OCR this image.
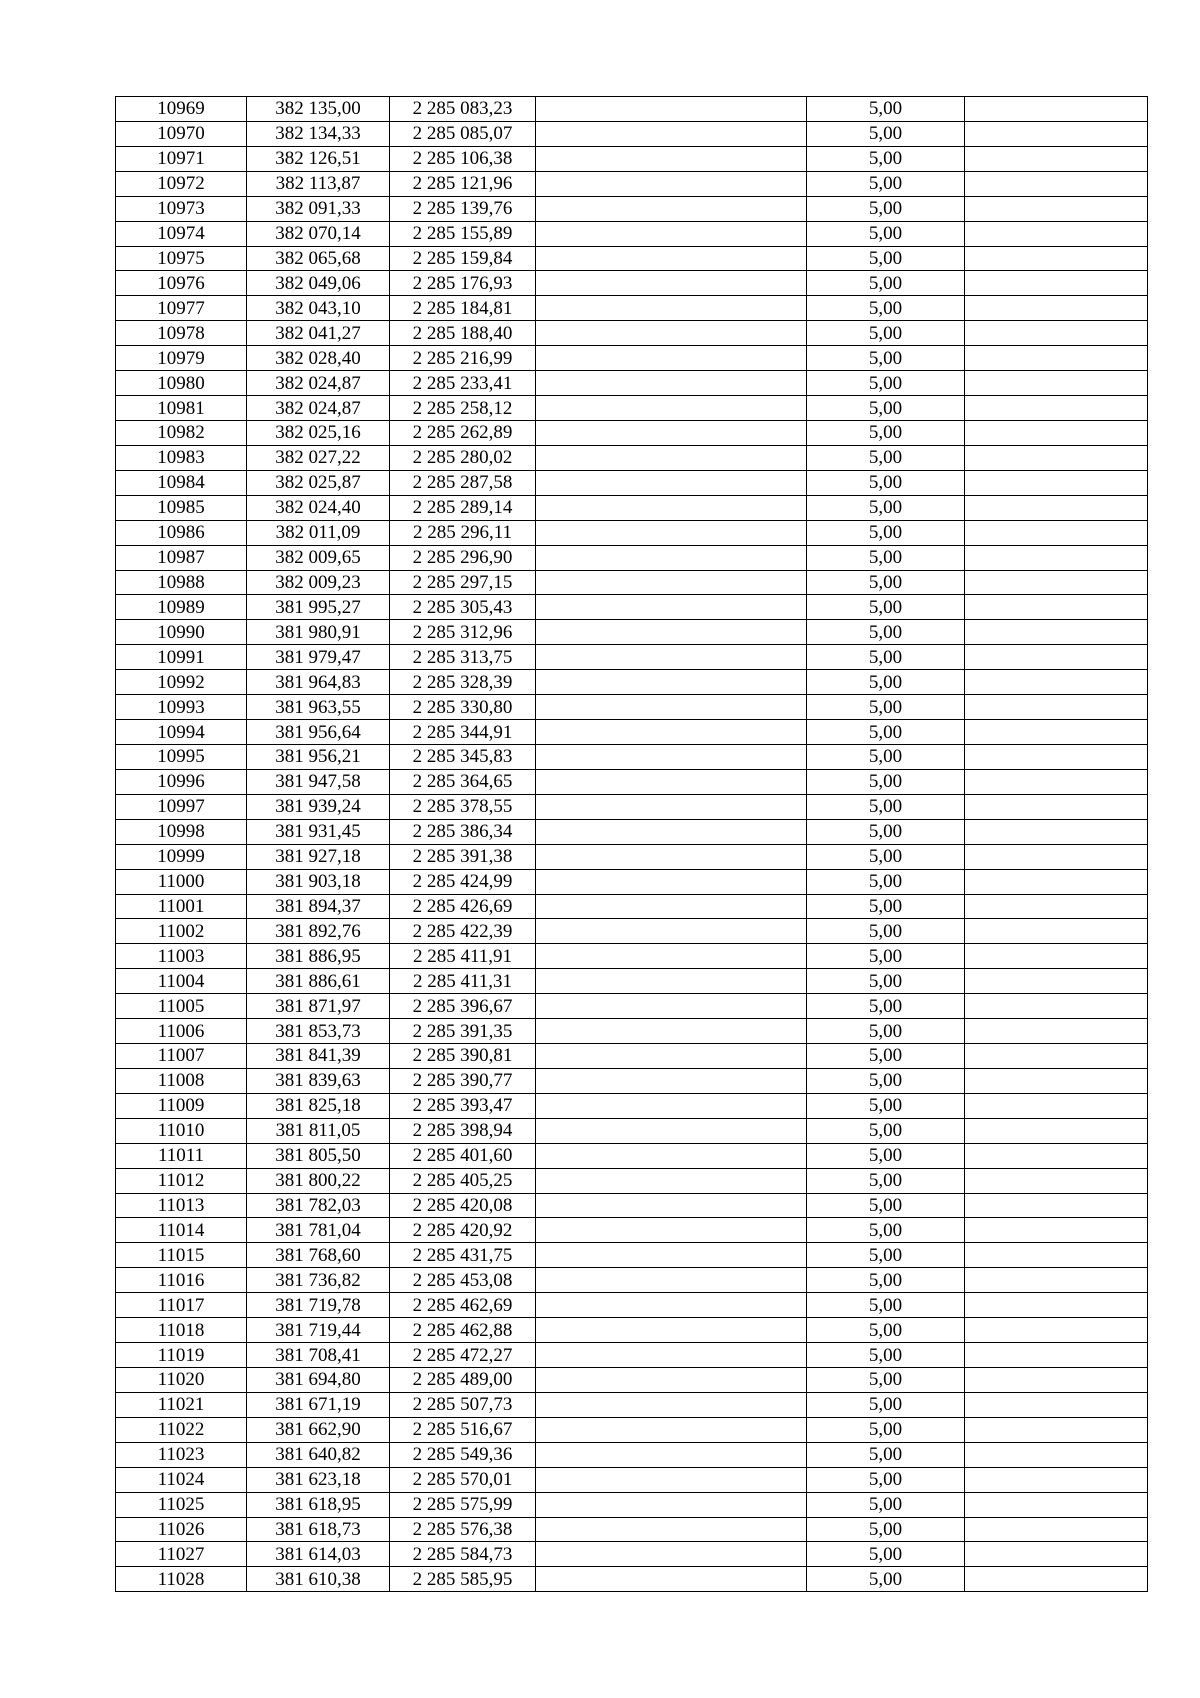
10969	382 135,00	2 285 083,23		5,00	
10970	382 134,33	2 285 085,07		5,00	
10971	382 126,51	2 285 106,38		5,00	
10972	382 113,87	2 285 121,96		5,00	
10973	382 091,33	2 285 139,76		5,00	
10974	382 070,14	2 285 155,89		5,00	
10975	382 065,68	2 285 159,84		5,00	
10976	382 049,06	2 285 176,93		5,00	
10977	382 043,10	2 285 184,81		5,00	
10978	382 041,27	2 285 188,40		5,00	
10979	382 028,40	2 285 216,99		5,00	
10980	382 024,87	2 285 233,41		5,00	
10981	382 024,87	2 285 258,12		5,00	
10982	382 025,16	2 285 262,89		5,00	
10983	382 027,22	2 285 280,02		5,00	
10984	382 025,87	2 285 287,58		5,00	
10985	382 024,40	2 285 289,14		5,00	
10986	382 011,09	2 285 296,11		5,00	
10987	382 009,65	2 285 296,90		5,00	
10988	382 009,23	2 285 297,15		5,00	
10989	381 995,27	2 285 305,43		5,00	
10990	381 980,91	2 285 312,96		5,00	
10991	381 979,47	2 285 313,75		5,00	
10992	381 964,83	2 285 328,39		5,00	
10993	381 963,55	2 285 330,80		5,00	
10994	381 956,64	2 285 344,91		5,00	
10995	381 956,21	2 285 345,83		5,00	
10996	381 947,58	2 285 364,65		5,00	
10997	381 939,24	2 285 378,55		5,00	
10998	381 931,45	2 285 386,34		5,00	
10999	381 927,18	2 285 391,38		5,00	
11000	381 903,18	2 285 424,99		5,00	
11001	381 894,37	2 285 426,69		5,00	
11002	381 892,76	2 285 422,39		5,00	
11003	381 886,95	2 285 411,91		5,00	
11004	381 886,61	2 285 411,31		5,00	
11005	381 871,97	2 285 396,67		5,00	
11006	381 853,73	2 285 391,35		5,00	
11007	381 841,39	2 285 390,81		5,00	
11008	381 839,63	2 285 390,77		5,00	
11009	381 825,18	2 285 393,47		5,00	
11010	381 811,05	2 285 398,94		5,00	
11011	381 805,50	2 285 401,60		5,00	
11012	381 800,22	2 285 405,25		5,00	
11013	381 782,03	2 285 420,08		5,00	
11014	381 781,04	2 285 420,92		5,00	
11015	381 768,60	2 285 431,75		5,00	
11016	381 736,82	2 285 453,08		5,00	
11017	381 719,78	2 285 462,69		5,00	
11018	381 719,44	2 285 462,88		5,00	
11019	381 708,41	2 285 472,27		5,00	
11020	381 694,80	2 285 489,00		5,00	
11021	381 671,19	2 285 507,73		5,00	
11022	381 662,90	2 285 516,67		5,00	
11023	381 640,82	2 285 549,36		5,00	
11024	381 623,18	2 285 570,01		5,00	
11025	381 618,95	2 285 575,99		5,00	
11026	381 618,73	2 285 576,38		5,00	
11027	381 614,03	2 285 584,73		5,00	
11028	381 610,38	2 285 585,95		5,00	
